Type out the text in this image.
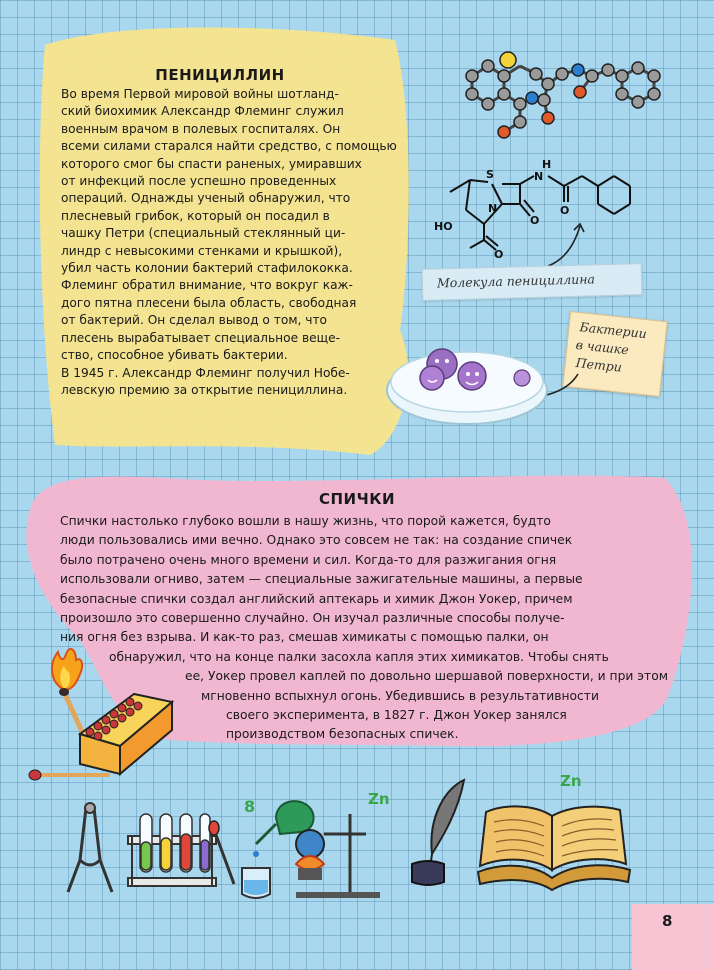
ПЕНИЦИЛЛИН
Во время Первой мировой войны шотланд-
ский биохимик Александр Флеминг служил
военным врачом в полевых госпиталях. Он
всеми силами старался найти средство, с помощью
которого смог бы спасти раненых, умиравших
от инфекций после успешно проведенных
операций. Однажды ученый обнаружил, что
плесневый грибок, который он посадил в
чашку Петри (специальный стеклянный ци-
линдр с невысокими стенками и крышкой),
убил часть колонии бактерий стафилококка.
Флеминг обратил внимание, что вокруг каж-
дого пятна плесени была область, свободная
от бактерий. Он сделал вывод о том, что
плесень вырабатывает специальное веще-
ство, способное убивать бактерии.
В 1945 г. Александр Флеминг получил Нобе-
левскую премию за открытие пенициллина.
S
H
N
N
HO	O
O
O
Молекула пенициллина
Бактерии
в чашке
Петри
СПИЧКИ
Спички настолько глубоко вошли в нашу жизнь, что порой кажется, будто
люди пользовались ими вечно. Однако это совсем не так: на создание спичек
было потрачено очень много времени и сил. Когда-то для разжигания огня
использовали огниво, затем — специальные зажигательные машины, а первые
безопасные спички создал английский аптекарь и химик Джон Уокер, причем
произошло это совершенно случайно. Он изучал различные способы получе-
ния огня без взрыва. И как-то раз, смешав химикаты с помощью палки, он
обнаружил, что на конце палки засохла капля этих химикатов. Чтобы снять
ее, Уокер провел каплей по довольно шершавой поверхности, и при этом
мгновенно вспыхнул огонь. Убедившись в результативности
своего эксперимента, в 1827 г. Джон Уокер занялся
производством безопасных спичек.
8	Zn
Zn
8
